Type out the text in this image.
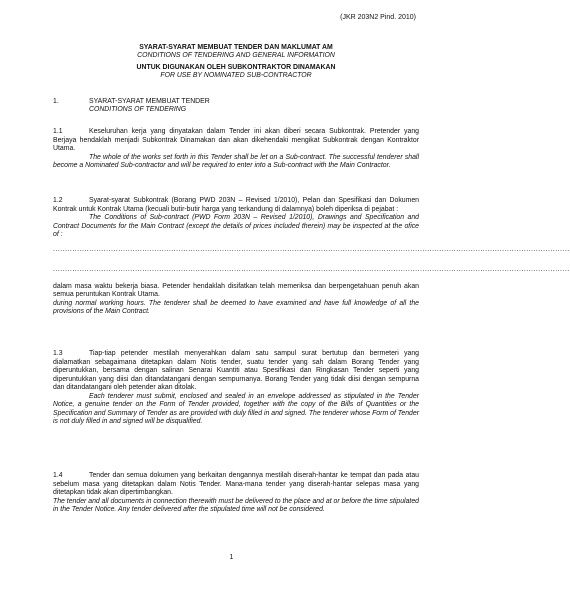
(JKR 203N2 Pind. 2010)
SYARAT-SYARAT MEMBUAT TENDER DAN MAKLUMAT AM
CONDITIONS OF TENDERING AND GENERAL INFORMATION
UNTUK DIGUNAKAN OLEH SUBKONTRAKTOR DINAMAKAN
FOR USE BY NOMINATED SUB-CONTRACTOR
1.	SYARAT-SYARAT MEMBUAT TENDER
CONDITIONS OF TENDERING
1.1	Keseluruhan kerja yang dinyatakan dalam Tender ini akan diberi secara Subkontrak. Pretender yang Berjaya hendaklah menjadi Subkontrak Dinamakan dan akan dikehendaki mengikat Subkontrak dengan Kontraktor Utama.
The whole of the works set forth in this Tender shall be let on a Sub-contract. The successful tenderer shall become a Nominated Sub-contractor and will be required to enter into a Sub-contract with the Main Contractor.
1.2	Syarat-syarat Subkontrak (Borang PWD 203N – Revised 1/2010), Pelan dan Spesifikasi dan Dokumen Kontrak untuk Kontrak Utama (kecuali butir-butir harga yang terkandung di dalamnya) boleh diperiksa di pejabat :
The Conditions of Sub-contract (PWD Form 203N – Revised 1/2010), Drawings and Specification and Contract Documents for the Main Contract (except the details of prices included therein) may be inspected at the ofice of :
......................................................................................................................................................................................................................
......................................................................................................................................................................................................................
dalam masa waktu bekerja biasa. Petender hendaklah disifatkan telah memeriksa dan berpengetahuan penuh akan semua peruntukan Kontrak Utama.
during normal working hours. The tenderer shall be deemed to have examined and have full knowledge of all the provisions of the Main Contract.
1.3	Tiap-tiap petender mestilah menyerahkan dalam satu sampul surat bertutup dan bermeteri yang dialamatkan sebagaimana ditetapkan dalam Notis tender, suatu tender yang sah dalam Borang Tender yang diperuntukkan, bersama dengan salinan Senarai Kuantiti atau Spesifikasi dan Ringkasan Tender seperti yang diperuntukkan yang diisi dan ditandatangani dengan sempurnanya. Borang Tender yang tidak diisi dengan sempurna dan ditandatangani oleh petender akan ditolak.
Each tenderer must submit, enclosed and sealed in an envelope addressed as stipulated in the Tender Notice, a genuine tender on the Form of Tender provided, together with the copy of the Bills of Quantities or the Specification and Summary of Tender as are provided with duly filled in and signed. The tenderer whose Form of Tender is not duly filled in and signed will be disqualified.
1.4	Tender dan semua dokumen yang berkaitan dengannya mestilah diserah-hantar ke tempat dan pada atau sebelum masa yang ditetapkan dalam Notis Tender. Mana-mana tender yang diserah-hantar selepas masa yang ditetapkan tidak akan dipertimbangkan.
The tender and all documents in connection therewith must be delivered to the place and at or before the time stipulated in the Tender Notice. Any tender delivered after the stipulated time will not be considered.
1
